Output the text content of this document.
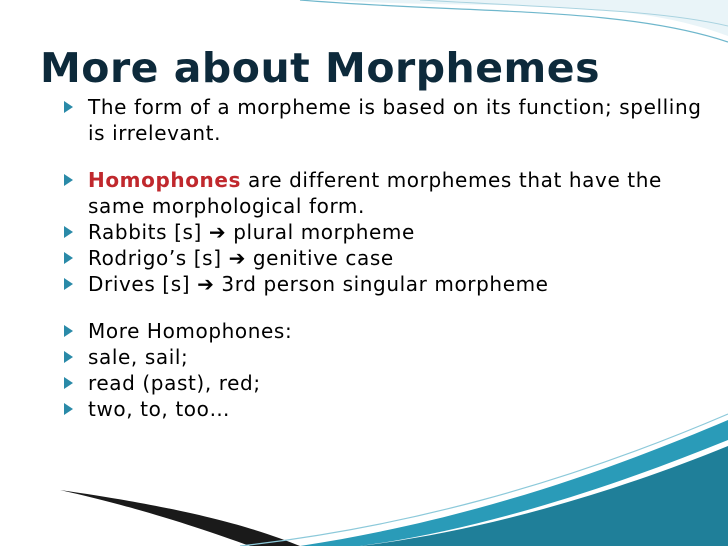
More about Morphemes
The form of a morpheme is based on its function; spelling is irrelevant.
Homophones are different morphemes that have the same morphological form.
Rabbits [s] ➔ plural morpheme
Rodrigo’s [s] ➔ genitive case
Drives [s] ➔ 3rd person singular morpheme
More Homophones:
sale, sail;
read (past), red;
two, to, too…
